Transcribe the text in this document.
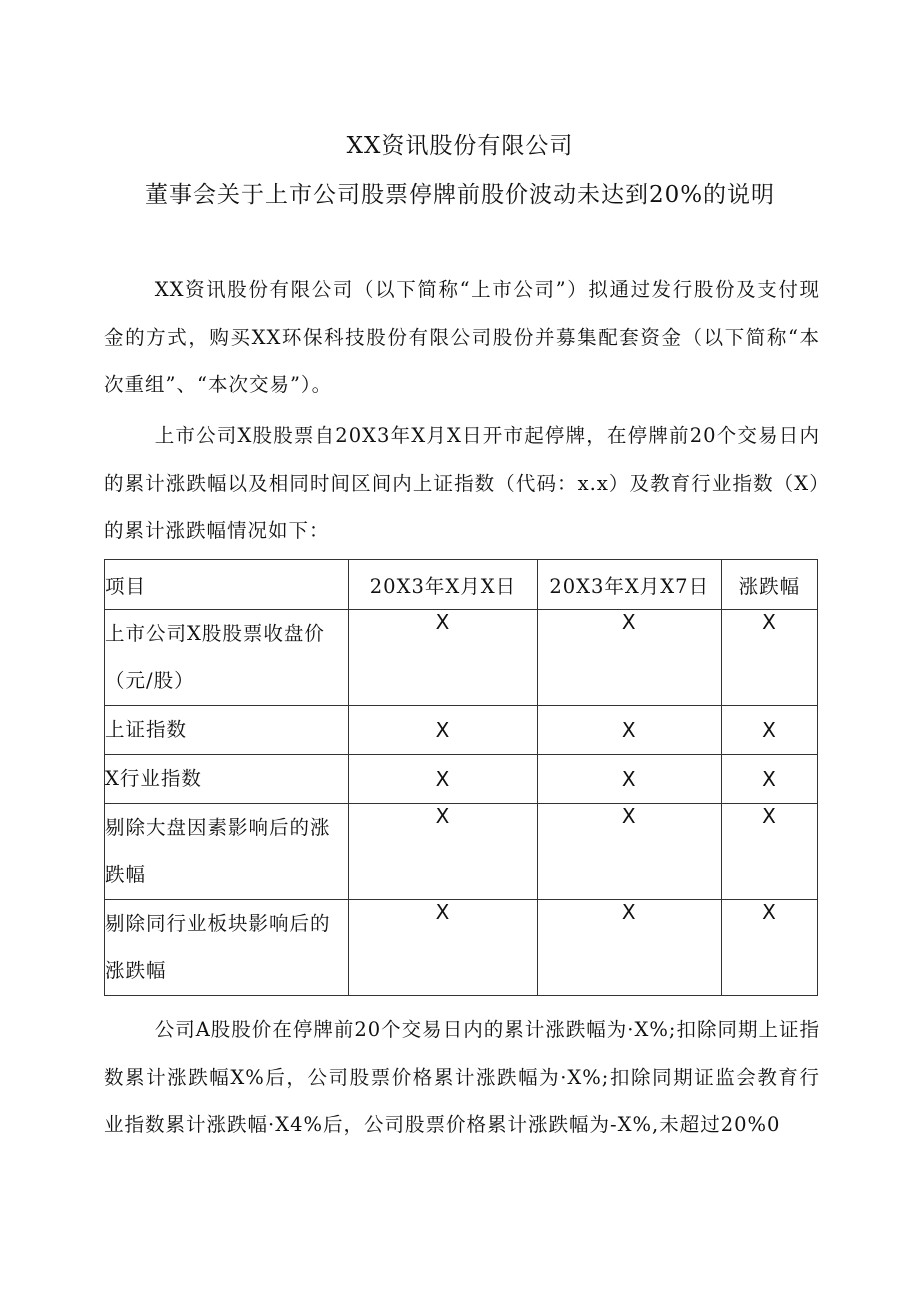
XX资讯股份有限公司
董事会关于上市公司股票停牌前股价波动未达到20%的说明

XX资讯股份有限公司（以下简称“上市公司”）拟通过发行股份及支付现金的方式，购买XX环保科技股份有限公司股份并募集配套资金（以下简称“本次重组”、“本次交易”）。

上市公司X股股票自20X3年X月X日开市起停牌，在停牌前20个交易日内的累计涨跌幅以及相同时间区间内上证指数（代码：x.x）及教育行业指数（X）的累计涨跌幅情况如下：

项目	20X3年X月X日	20X3年X月X7日	涨跌幅
上市公司X股股票收盘价（元/股）	X	X	X
上证指数	X	X	X
X行业指数	X	X	X
剔除大盘因素影响后的涨跌幅	X	X	X
剔除同行业板块影响后的涨跌幅	X	X	X

公司A股股价在停牌前20个交易日内的累计涨跌幅为·X%;扣除同期上证指数累计涨跌幅X%后，公司股票价格累计涨跌幅为·X%;扣除同期证监会教育行业指数累计涨跌幅·X4%后，公司股票价格累计涨跌幅为-X%,未超过20%0
